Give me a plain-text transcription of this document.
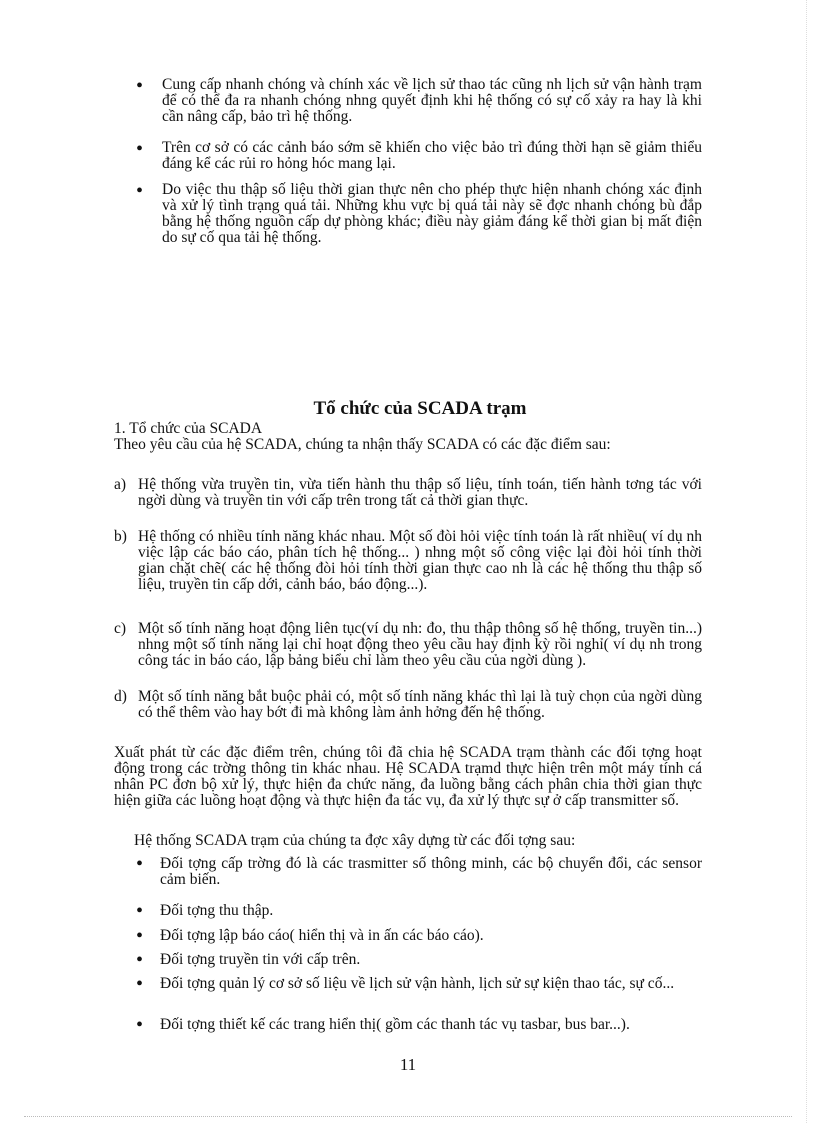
• Cung cấp nhanh chóng và chính xác về lịch sử thao tác cũng nh lịch sử vận hành trạm để có thể đa ra nhanh chóng nhng quyết định khi hệ thống có sự cố xảy ra hay là khi cần nâng cấp, bảo trì hệ thống.
• Trên cơ sở có các cảnh báo sớm sẽ khiến cho việc bảo trì đúng thời hạn sẽ giảm thiểu đáng kể các rủi ro hỏng hóc mang lại.
• Do việc thu thập số liệu thời gian thực nên cho phép thực hiện nhanh chóng xác định và xử lý tình trạng quá tải. Những khu vực bị quá tải này sẽ đợc nhanh chóng bù đắp bằng hệ thống nguồn cấp dự phòng khác; điều này giảm đáng kể thời gian bị mất điện do sự cố qua tải hệ thống.
Tổ chức của SCADA trạm
1. Tổ chức của SCADA
Theo yêu cầu của hệ SCADA, chúng ta nhận thấy SCADA có các đặc điểm sau:
a) Hệ thống vừa truyền tin, vừa tiến hành thu thập số liệu, tính toán, tiến hành tơng tác với ngời dùng và truyền tin với cấp trên trong tất cả thời gian thực.
b) Hệ thống có nhiều tính năng khác nhau. Một số đòi hỏi việc tính toán là rất nhiều( ví dụ nh việc lập các báo cáo, phân tích hệ thống... ) nhng một số công việc lại đòi hỏi tính thời gian chặt chẽ( các hệ thống đòi hỏi tính thời gian thực cao nh là các hệ thống thu thập số liệu, truyền tin cấp dới, cảnh báo, báo động...).
c) Một số tính năng hoạt động liên tục(ví dụ nh: đo, thu thập thông số hệ thống, truyền tin...) nhng một số tính năng lại chỉ hoạt động theo yêu cầu hay định kỳ rồi nghỉ( ví dụ nh trong công tác in báo cáo, lập bảng biểu chỉ làm theo yêu cầu của ngời dùng ).
d) Một số tính năng bắt buộc phải có, một số tính năng khác thì lại là tuỳ chọn của ngời dùng có thể thêm vào hay bớt đi mà không làm ảnh hởng đến hệ thống.
Xuất phát từ các đặc điểm trên, chúng tôi đã chia hệ SCADA trạm thành các đối tợng hoạt động trong các trờng thông tin khác nhau. Hệ SCADA trạmd thực hiện trên một máy tính cá nhân PC đơn bộ xử lý, thực hiện đa chức năng, đa luồng bằng cách phân chia thời gian thực hiện giữa các luồng hoạt động và thực hiện đa tác vụ, đa xử lý thực sự ở cấp transmitter số.
Hệ thống SCADA trạm của chúng ta đợc xây dựng từ các đối tợng sau:
• Đối tợng cấp trờng đó là các trasmitter số thông minh, các bộ chuyển đổi, các sensor cảm biến.
• Đối tợng thu thập.
• Đối tợng lập báo cáo( hiển thị và in ấn các báo cáo).
• Đối tợng truyền tin với cấp trên.
• Đối tợng quản lý cơ sở số liệu về lịch sử vận hành, lịch sử sự kiện thao tác, sự cố...
• Đối tợng thiết kế các trang hiển thị( gồm các thanh tác vụ tasbar, bus bar...).
11
